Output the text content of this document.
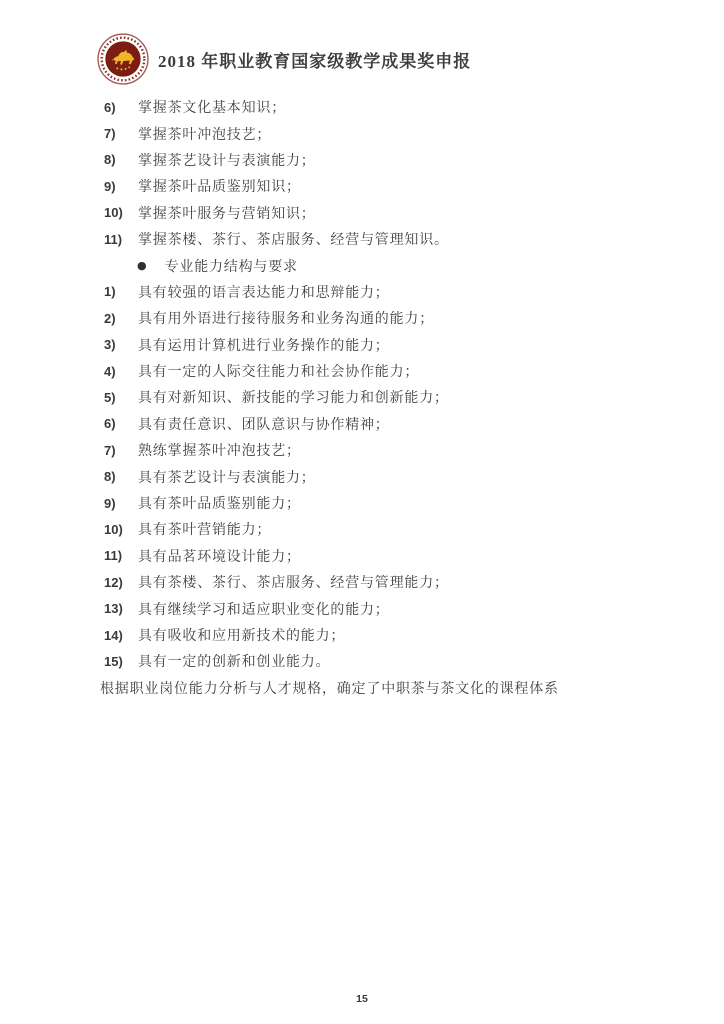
2018 年职业教育国家级教学成果奖申报
6)	掌握茶文化基本知识；
7)	掌握茶叶冲泡技艺；
8)	掌握茶艺设计与表演能力；
9)	掌握茶叶品质鉴别知识；
10)	掌握茶叶服务与营销知识；
11)	掌握茶楼、茶行、茶店服务、经营与管理知识。
● 专业能力结构与要求
1)	具有较强的语言表达能力和思辩能力；
2)	具有用外语进行接待服务和业务沟通的能力；
3)	具有运用计算机进行业务操作的能力；
4)	具有一定的人际交往能力和社会协作能力；
5)	具有对新知识、新技能的学习能力和创新能力；
6)	具有责任意识、团队意识与协作精神；
7)	熟练掌握茶叶冲泡技艺；
8)	具有茶艺设计与表演能力；
9)	具有茶叶品质鉴别能力；
10)	具有茶叶营销能力；
11)	具有品茗环境设计能力；
12)	具有茶楼、茶行、茶店服务、经营与管理能力；
13)	具有继续学习和适应职业变化的能力；
14)	具有吸收和应用新技术的能力；
15)	具有一定的创新和创业能力。
根据职业岗位能力分析与人才规格，确定了中职茶与茶文化的课程体系
15
